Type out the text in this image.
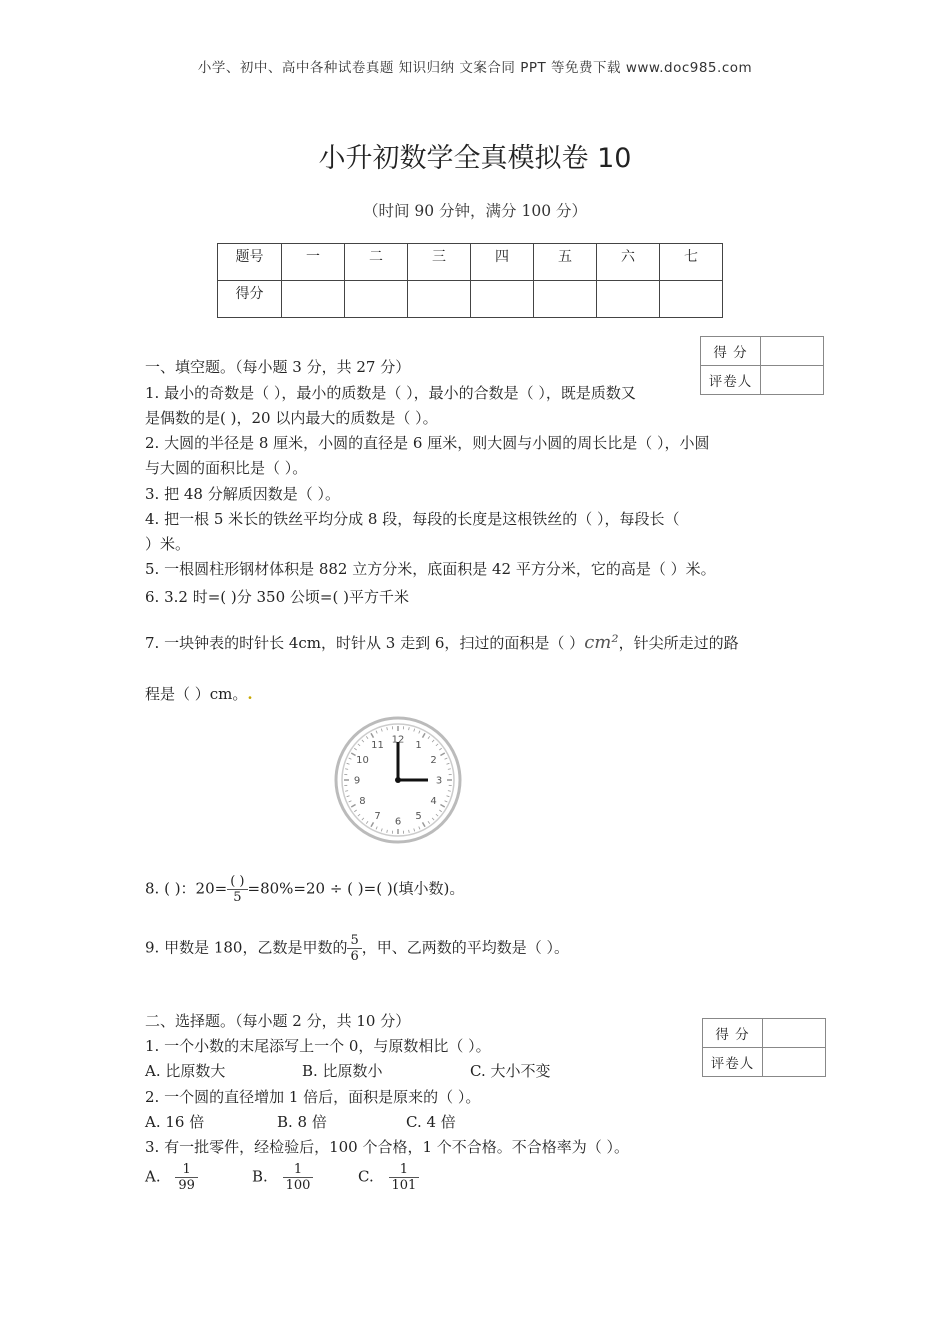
小学、初中、高中各种试卷真题 知识归纳 文案合同 PPT 等免费下载 www.doc985.com
小升初数学全真模拟卷 10
（时间 90 分钟，满分 100 分）
题号	一	二	三	四	五	六	七
得分							
得 分	
评卷人	
一、填空题。（每小题 3 分，共 27 分）
1. 最小的奇数是（ ），最小的质数是（ ），最小的合数是（ ），既是质数又
是偶数的是( )，20 以内最大的质数是（ ）。
2. 大圆的半径是 8 厘米，小圆的直径是 6 厘米，则大圆与小圆的周长比是（ ），小圆
与大圆的面积比是（ ）。
3. 把 48 分解质因数是（ ）。
4. 把一根 5 米长的铁丝平均分成 8 段，每段的长度是这根铁丝的（ ），每段长（
）米。
5. 一根圆柱形钢材体积是 882 立方分米，底面积是 42 平方分米，它的高是（ ）米。
6. 3.2 时=( )分 350 公顷=( )平方千米
7. 一块钟表的时针长 4cm，时针从 3 走到 6，扫过的面积是（ ）cm²，针尖所走过的路
程是（ ）cm。.
12 1
2
3
4
5
6
7
8
9
10
11
8. ( )：$20= \frac{( )}{5} =80\%=20$ ÷ ( )=( )(填小数)。
9. 甲数是 180，乙数是甲数的 $\frac{5}{6}$ ，甲、乙两数的平均数是（ ）。
得 分	
评卷人	
二、选择题。（每小题 2 分，共 10 分）
1. 一个小数的末尾添写上一个 0，与原数相比（ ）。
A. 比原数大	B. 比原数小	C. 大小不变
2. 一个圆的直径增加 1 倍后，面积是原来的（ ）。
A. 16 倍	B. 8 倍	C. 4 倍
3. 有一批零件，经检验后，100 个合格，1 个不合格。不合格率为（ ）。
A. $\frac{1}{99}$	B. $\frac{1}{100}$	C. $\frac{1}{101}$
